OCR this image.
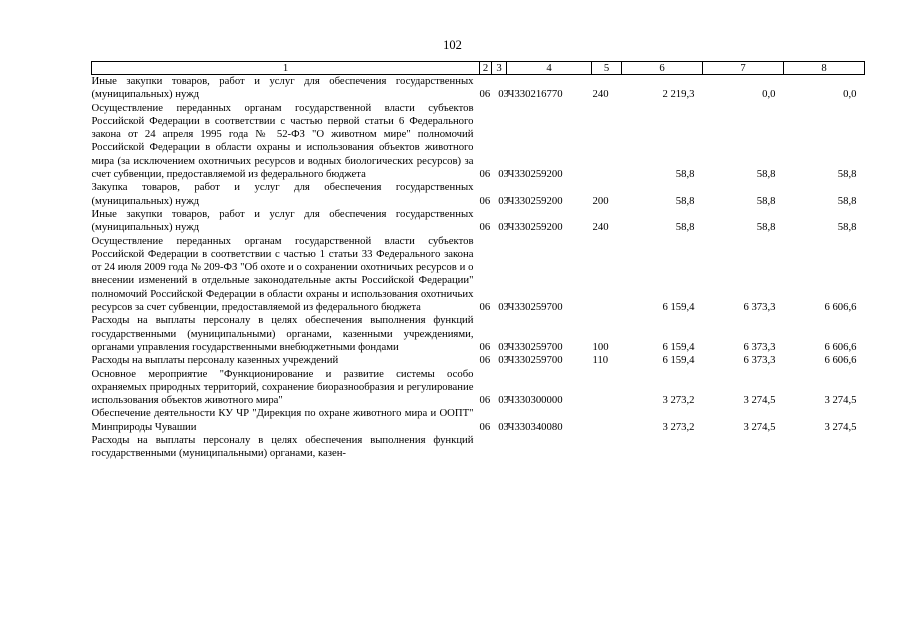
102
1	2	3	4	5	6	7	8
Иные закупки товаров, работ и услуг для обеспечения государственных (муниципальных) нужд	06 03		Ч330216770	240	2 219,3	0,0	0,0
Осуществление переданных органам государственной власти субъектов Российской Федерации в соответствии с частью первой статьи 6 Федерального закона от 24 апреля 1995 года № 52-ФЗ "О животном мире" полномочий Российской Федерации в области охраны и использования объектов животного мира (за исключением охотничьих ресурсов и водных биологических ресурсов) за счет субвенции, предоставляемой из федерального бюджета	06 03		Ч330259200		58,8	58,8	58,8
Закупка товаров, работ и услуг для обеспечения государственных (муниципальных) нужд	06 03		Ч330259200	200	58,8	58,8	58,8
Иные закупки товаров, работ и услуг для обеспечения государственных (муниципальных) нужд	06 03		Ч330259200	240	58,8	58,8	58,8
Осуществление переданных органам государственной власти субъектов Российской Федерации в соответствии с частью 1 статьи 33 Федерального закона от 24 июля 2009 года № 209-ФЗ "Об охоте и о сохранении охотничьих ресурсов и о внесении изменений в отдельные законодательные акты Российской Федерации" полномочий Российской Федерации в области охраны и использования охотничьих ресурсов за счет субвенции, предоставляемой из федерального бюджета	06 03		Ч330259700		6 159,4	6 373,3	6 606,6
Расходы на выплаты персоналу в целях обеспечения выполнения функций государственными (муниципальными) органами, казенными учреждениями, органами управления государственными внебюджетными фондами	06 03		Ч330259700	100	6 159,4	6 373,3	6 606,6
Расходы на выплаты персоналу казенных учреждений	06 03		Ч330259700	110	6 159,4	6 373,3	6 606,6
Основное мероприятие "Функционирование и развитие системы особо охраняемых природных территорий, сохранение биоразнообразия и регулирование использования объектов животного мира"	06 03		Ч330300000		3 273,2	3 274,5	3 274,5
Обеспечение деятельности КУ ЧР "Дирекция по охране животного мира и ООПТ" Минприроды Чувашии	06 03		Ч330340080		3 273,2	3 274,5	3 274,5
Расходы на выплаты персоналу в целях обеспечения выполнения функций государственными (муниципальными) органами, казен-							
